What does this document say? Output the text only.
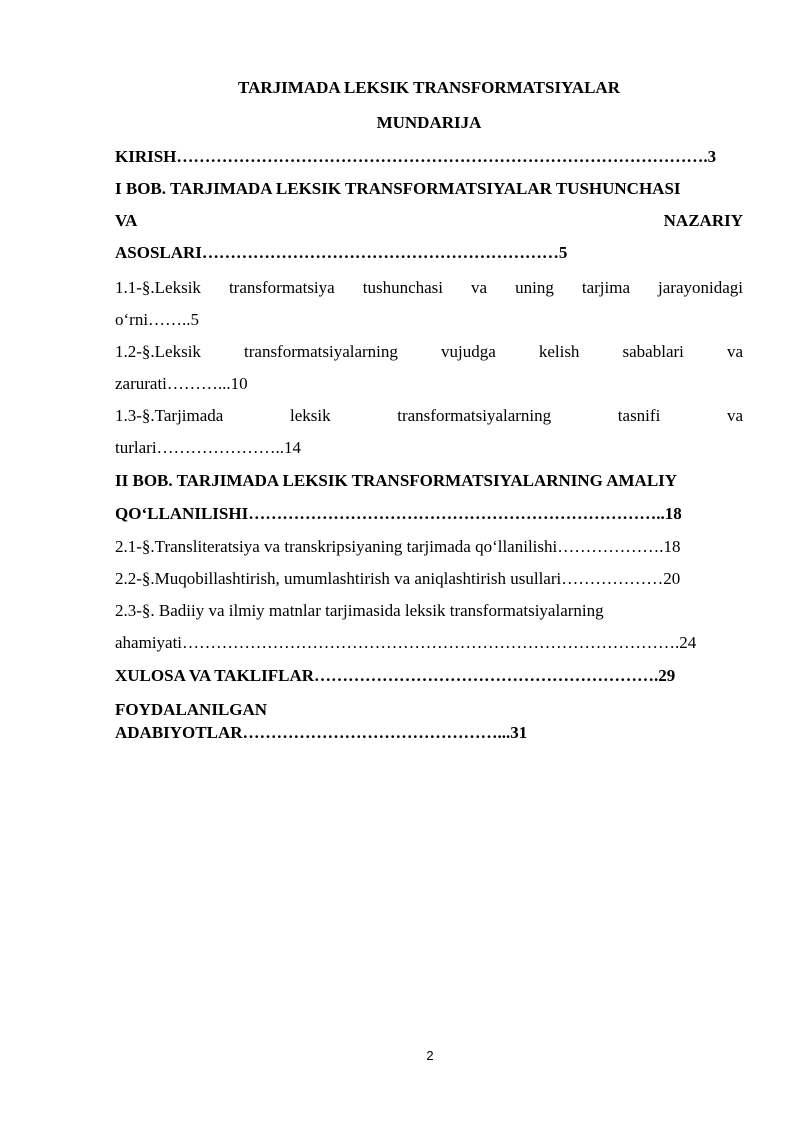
TARJIMADA LEKSIK TRANSFORMATSIYALAR
MUNDARIJA
KIRISH………………………………………………………………………………….3
I BOB. TARJIMADA LEKSIK TRANSFORMATSIYALAR TUSHUNCHASI
VA	NAZARIY
ASOSLARI………………………………………………………5
1.1-§.Leksik transformatsiya tushunchasi va uning tarjima jarayonidagi
o‘rni……..5
1.2-§.Leksik transformatsiyalarning vujudga kelish sabablari va
zarurati………...10
1.3-§.Tarjimada leksik transformatsiyalarning tasnifi va
turlari…………………..14
II BOB. TARJIMADA LEKSIK TRANSFORMATSIYALARNING AMALIY
QO‘LLANILISHI………………………………………………………………..18
2.1-§.Transliteratsiya va transkripsiyaning tarjimada qo‘llanilishi……………….18
2.2-§.Muqobillashtirish, umumlashtirish va aniqlashtirish usullari………………20
2.3-§. Badiiy va ilmiy matnlar tarjimasida leksik transformatsiyalarning
ahamiyati…………………………………………………………………………….24
XULOSA VA TAKLIFLAR…………………………………………………….29
FOYDALANILGAN
ADABIYOTLAR………………………………………...31
2
